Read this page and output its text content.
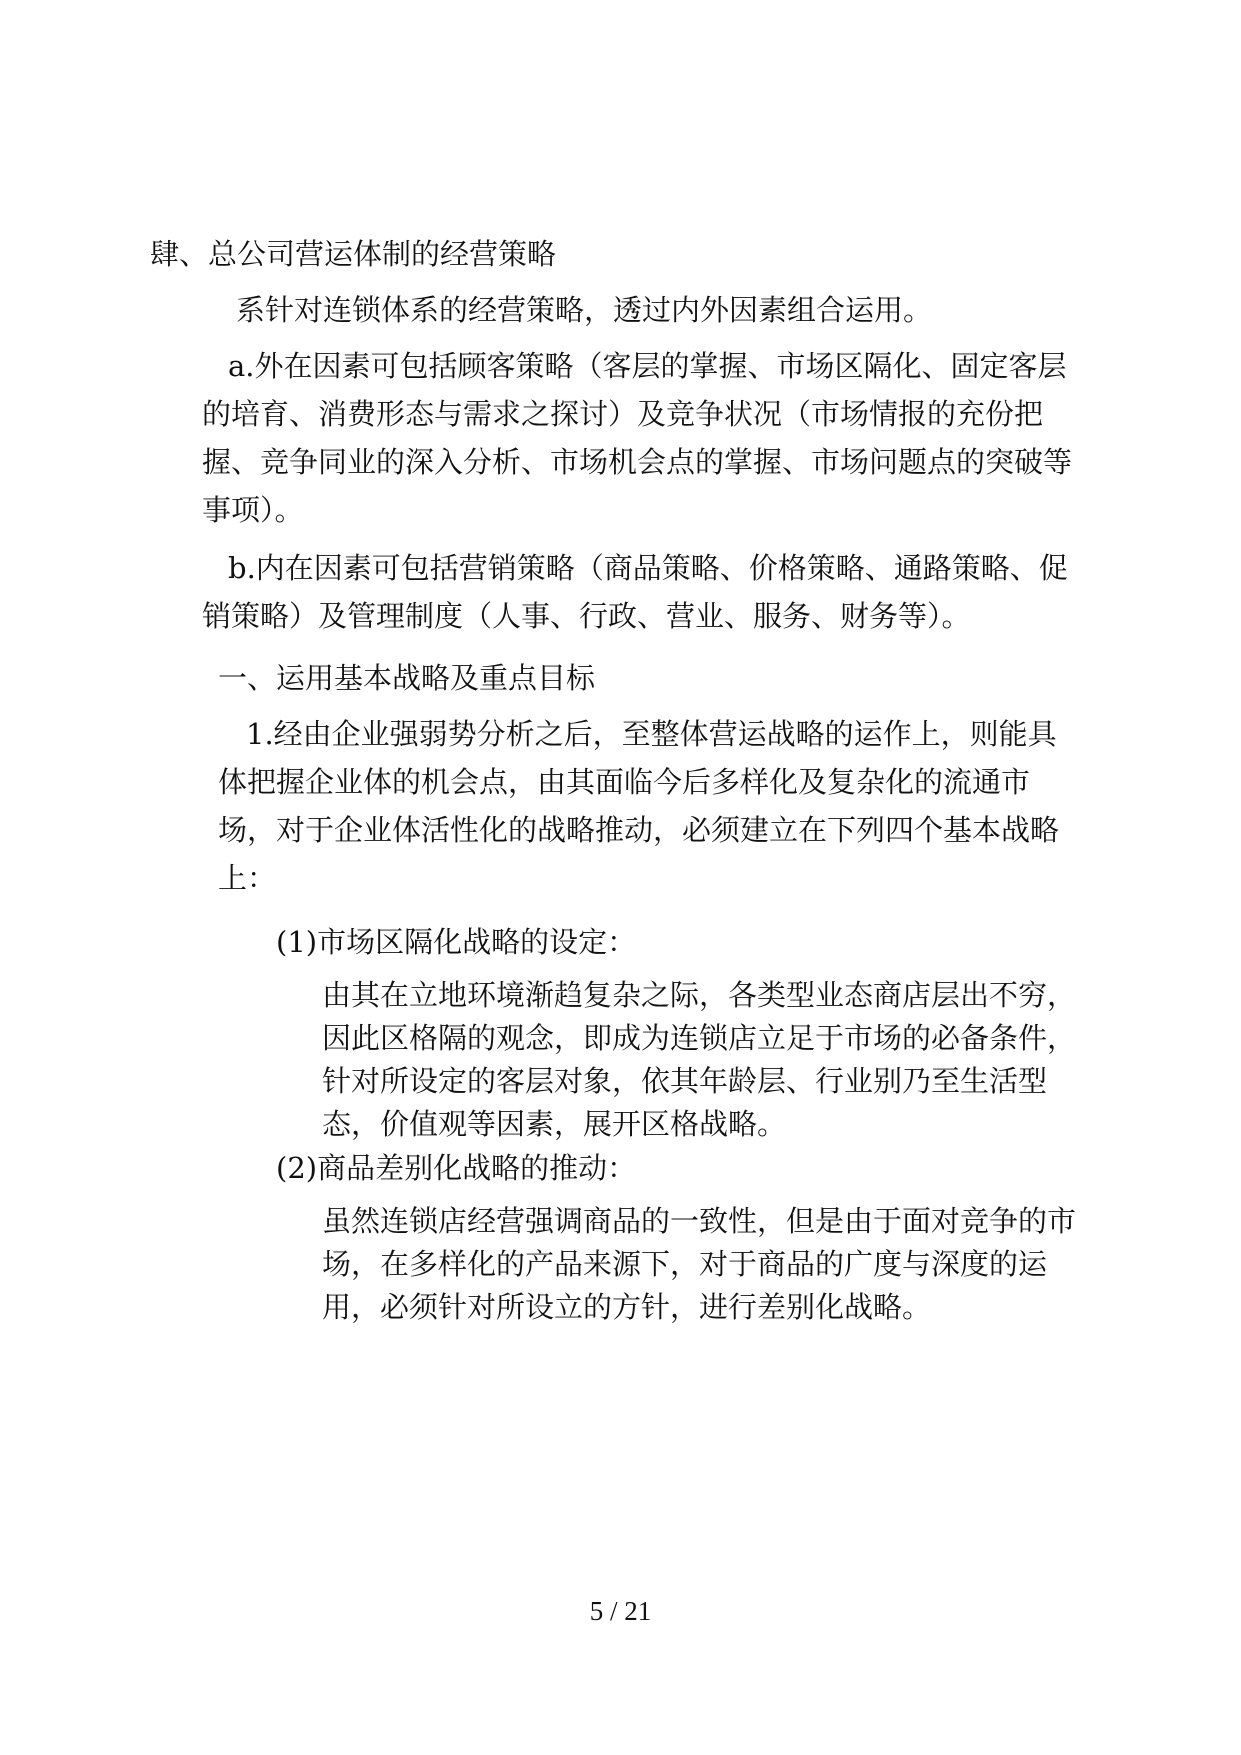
肆、总公司营运体制的经营策略

系针对连锁体系的经营策略，透过内外因素组合运用。

a.外在因素可包括顾客策略（客层的掌握、市场区隔化、固定客层
的培育、消费形态与需求之探讨）及竞争状况（市场情报的充份把
握、竞争同业的深入分析、市场机会点的掌握、市场问题点的突破等
事项）。
b.内在因素可包括营销策略（商品策略、价格策略、通路策略、促
销策略）及管理制度（人事、行政、营业、服务、财务等）。

一、运用基本战略及重点目标

1.经由企业强弱势分析之后，至整体营运战略的运作上，则能具
体把握企业体的机会点，由其面临今后多样化及复杂化的流通市
场，对于企业体活性化的战略推动，必须建立在下列四个基本战略
上：

(1)市场区隔化战略的设定：

由其在立地环境渐趋复杂之际，各类型业态商店层出不穷，
因此区格隔的观念，即成为连锁店立足于市场的必备条件，
针对所设定的客层对象，依其年龄层、行业别乃至生活型
态，价值观等因素，展开区格战略。

(2)商品差别化战略的推动：

虽然连锁店经营强调商品的一致性，但是由于面对竞争的市
场，在多样化的产品来源下，对于商品的广度与深度的运
用，必须针对所设立的方针，进行差别化战略。
5 / 21
